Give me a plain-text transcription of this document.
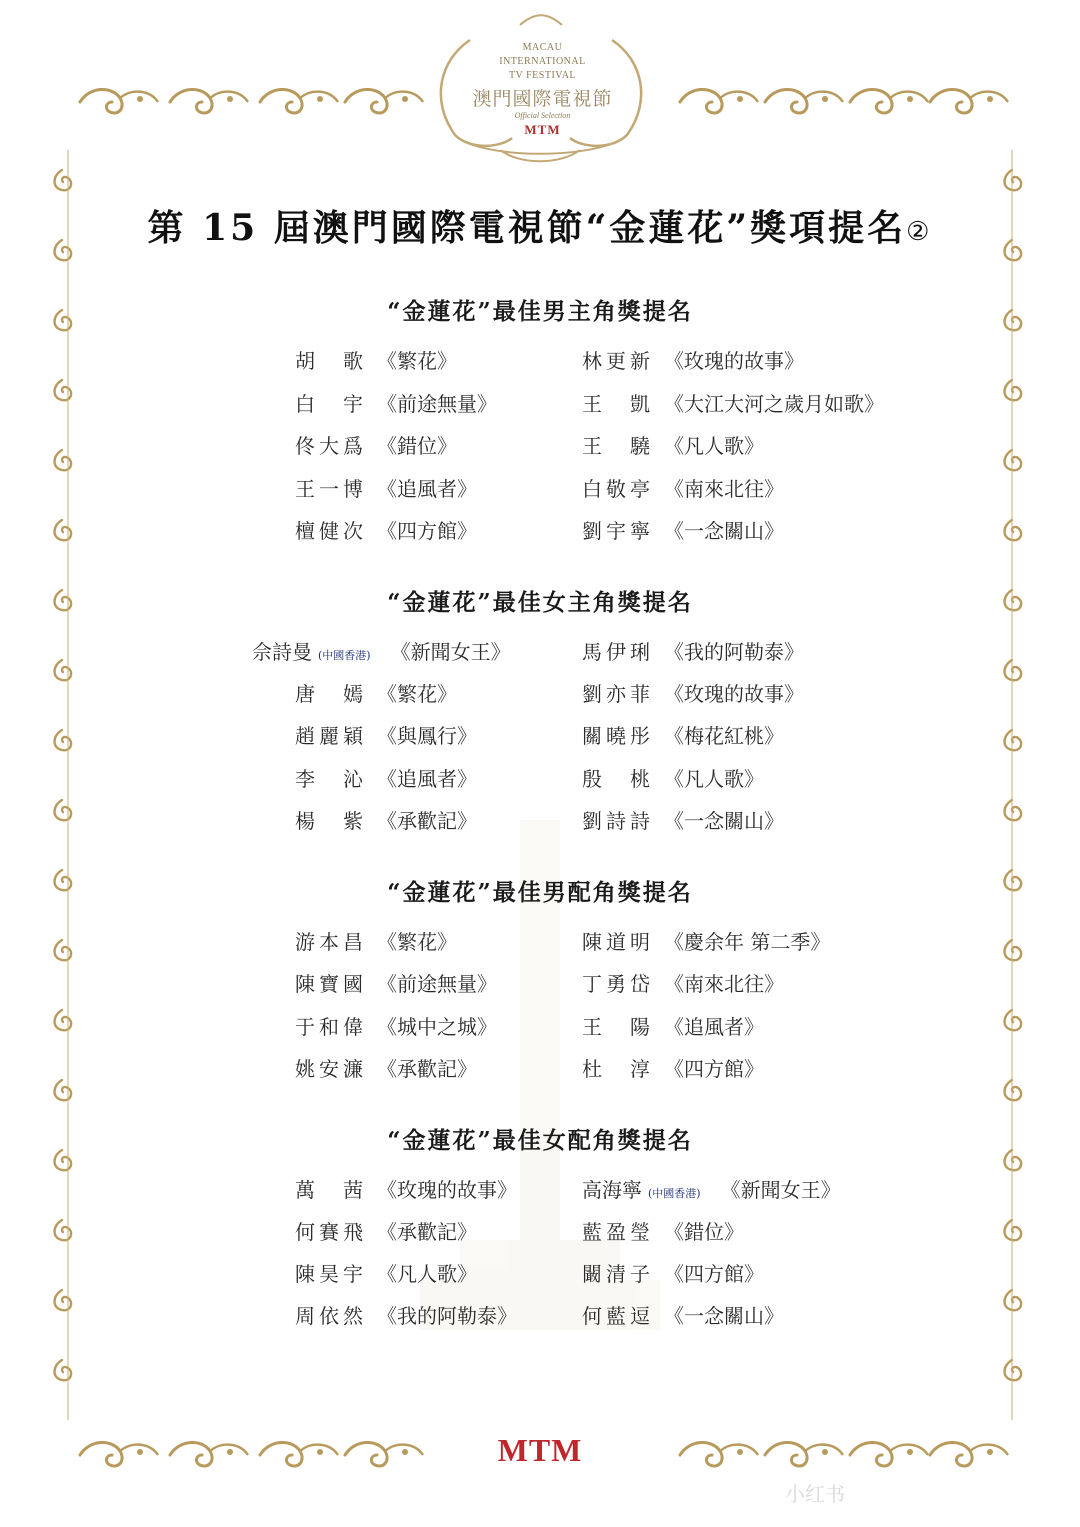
MACAU
INTERNATIONAL
TV FESTIVAL
澳門國際電視節
Official Selection
MTM
第 15 屆澳門國際電視節“金蓮花”獎項提名②
“金蓮花”最佳男主角獎提名
胡歌 《繁花》
白宇 《前途無量》
佟大爲 《錯位》
王一博 《追風者》
檀健次 《四方館》
林更新 《玫瑰的故事》
王凱 《大江大河之歲月如歌》
王驍 《凡人歌》
白敬亭 《南來北往》
劉宇寧 《一念關山》
“金蓮花”最佳女主角獎提名
佘詩曼 (中國香港) 《新聞女王》
唐嫣 《繁花》
趙麗穎 《與鳳行》
李沁 《追風者》
楊紫 《承歡記》
馬伊琍 《我的阿勒泰》
劉亦菲 《玫瑰的故事》
關曉彤 《梅花紅桃》
殷桃 《凡人歌》
劉詩詩 《一念關山》
“金蓮花”最佳男配角獎提名
游本昌 《繁花》
陳寶國 《前途無量》
于和偉 《城中之城》
姚安濂 《承歡記》
陳道明 《慶余年 第二季》
丁勇岱 《南來北往》
王陽 《追風者》
杜淳 《四方館》
“金蓮花”最佳女配角獎提名
萬茜 《玫瑰的故事》
何賽飛 《承歡記》
陳昊宇 《凡人歌》
周依然 《我的阿勒泰》
高海寧 (中國香港) 《新聞女王》
藍盈瑩 《錯位》
闞清子 《四方館》
何藍逗 《一念關山》
MTM
小红书
